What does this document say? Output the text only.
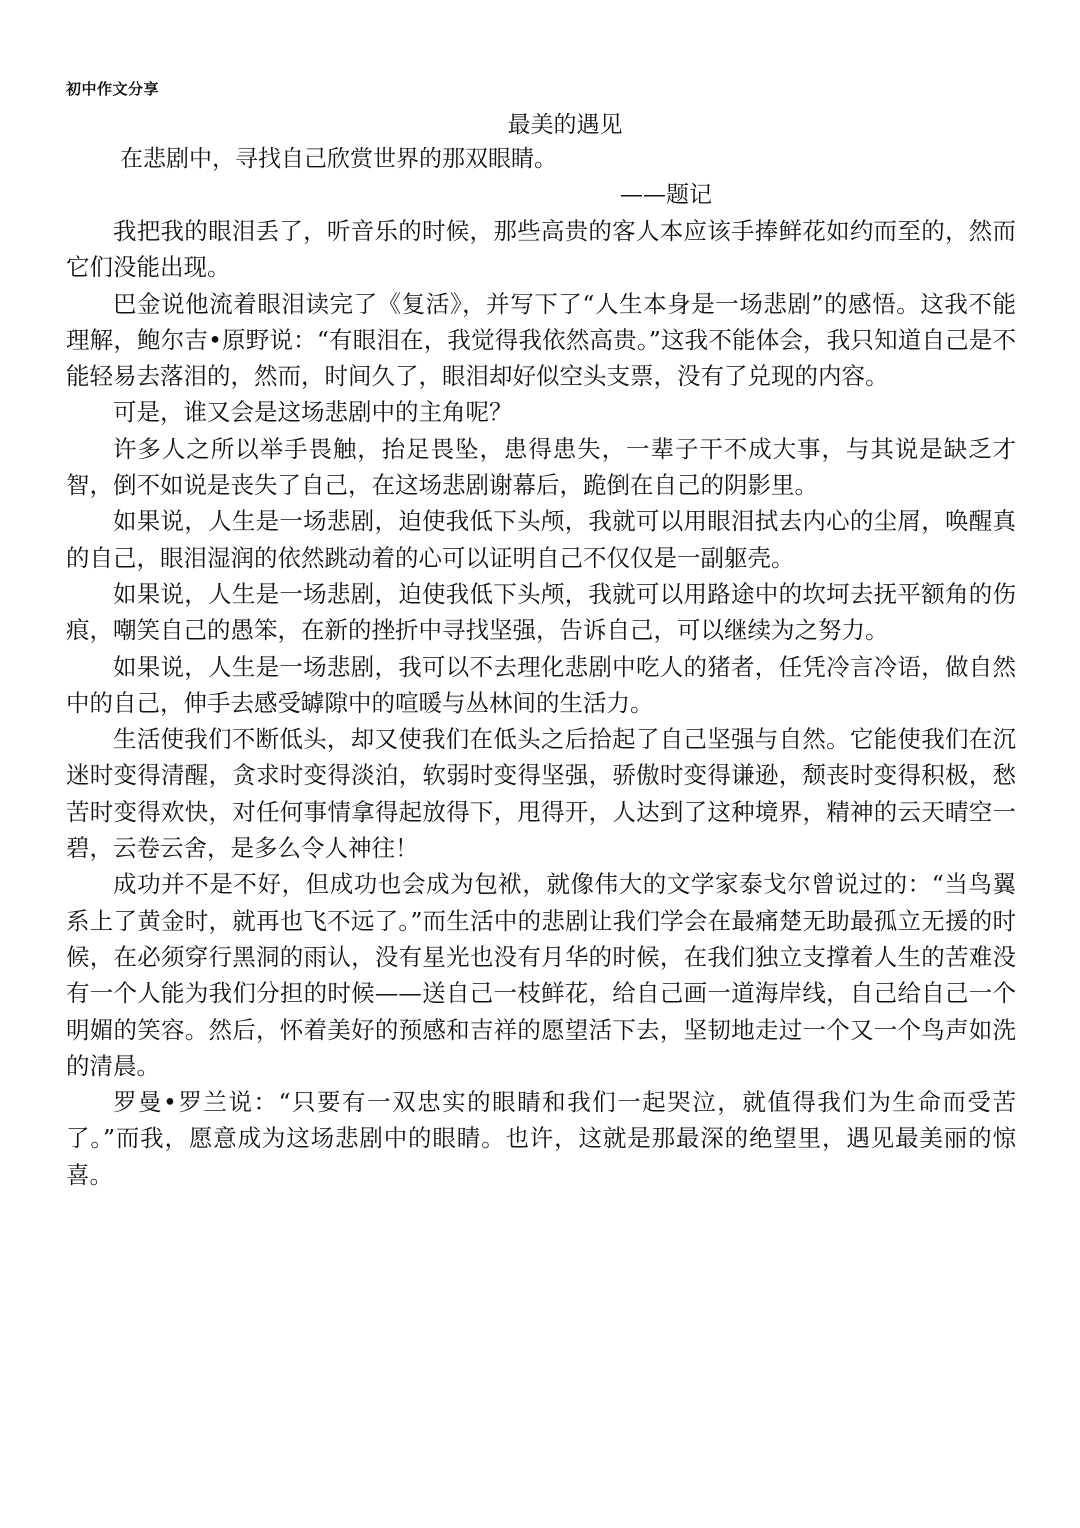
初中作文分享
最美的遇见
在悲剧中，寻找自己欣赏世界的那双眼睛。
——题记

我把我的眼泪丢了，听音乐的时候，那些高贵的客人本应该手捧鲜花如约而至的，然而它们没能出现。

巴金说他流着眼泪读完了《复活》，并写下了“人生本身是一场悲剧”的感悟。这我不能理解，鲍尔吉•原野说：“有眼泪在，我觉得我依然高贵。”这我不能体会，我只知道自己是不能轻易去落泪的，然而，时间久了，眼泪却好似空头支票，没有了兑现的内容。

可是，谁又会是这场悲剧中的主角呢？

许多人之所以举手畏触，抬足畏坠，患得患失，一辈子干不成大事，与其说是缺乏才智，倒不如说是丧失了自己，在这场悲剧谢幕后，跪倒在自己的阴影里。

如果说，人生是一场悲剧，迫使我低下头颅，我就可以用眼泪拭去内心的尘屑，唤醒真的自己，眼泪湿润的依然跳动着的心可以证明自己不仅仅是一副躯壳。

如果说，人生是一场悲剧，迫使我低下头颅，我就可以用路途中的坎坷去抚平额角的伤痕，嘲笑自己的愚笨，在新的挫折中寻找坚强，告诉自己，可以继续为之努力。

如果说，人生是一场悲剧，我可以不去理化悲剧中吃人的猪者，任凭冷言冷语，做自然中的自己，伸手去感受罅隙中的喧暖与丛林间的生活力。

生活使我们不断低头，却又使我们在低头之后拾起了自己坚强与自然。它能使我们在沉迷时变得清醒，贪求时变得淡泊，软弱时变得坚强，骄傲时变得谦逊，颓丧时变得积极，愁苦时变得欢快，对任何事情拿得起放得下，甩得开，人达到了这种境界，精神的云天晴空一碧，云卷云舍，是多么令人神往！

成功并不是不好，但成功也会成为包袱，就像伟大的文学家泰戈尔曾说过的：“当鸟翼系上了黄金时，就再也飞不远了。”而生活中的悲剧让我们学会在最痛楚无助最孤立无援的时候，在必须穿行黑洞的雨认，没有星光也没有月华的时候，在我们独立支撑着人生的苦难没有一个人能为我们分担的时候——送自己一枝鲜花，给自己画一道海岸线，自己给自己一个明媚的笑容。然后，怀着美好的预感和吉祥的愿望活下去，坚韧地走过一个又一个鸟声如洗的清晨。

罗曼•罗兰说：“只要有一双忠实的眼睛和我们一起哭泣，就值得我们为生命而受苦了。”而我，愿意成为这场悲剧中的眼睛。也许，这就是那最深的绝望里，遇见最美丽的惊喜。
